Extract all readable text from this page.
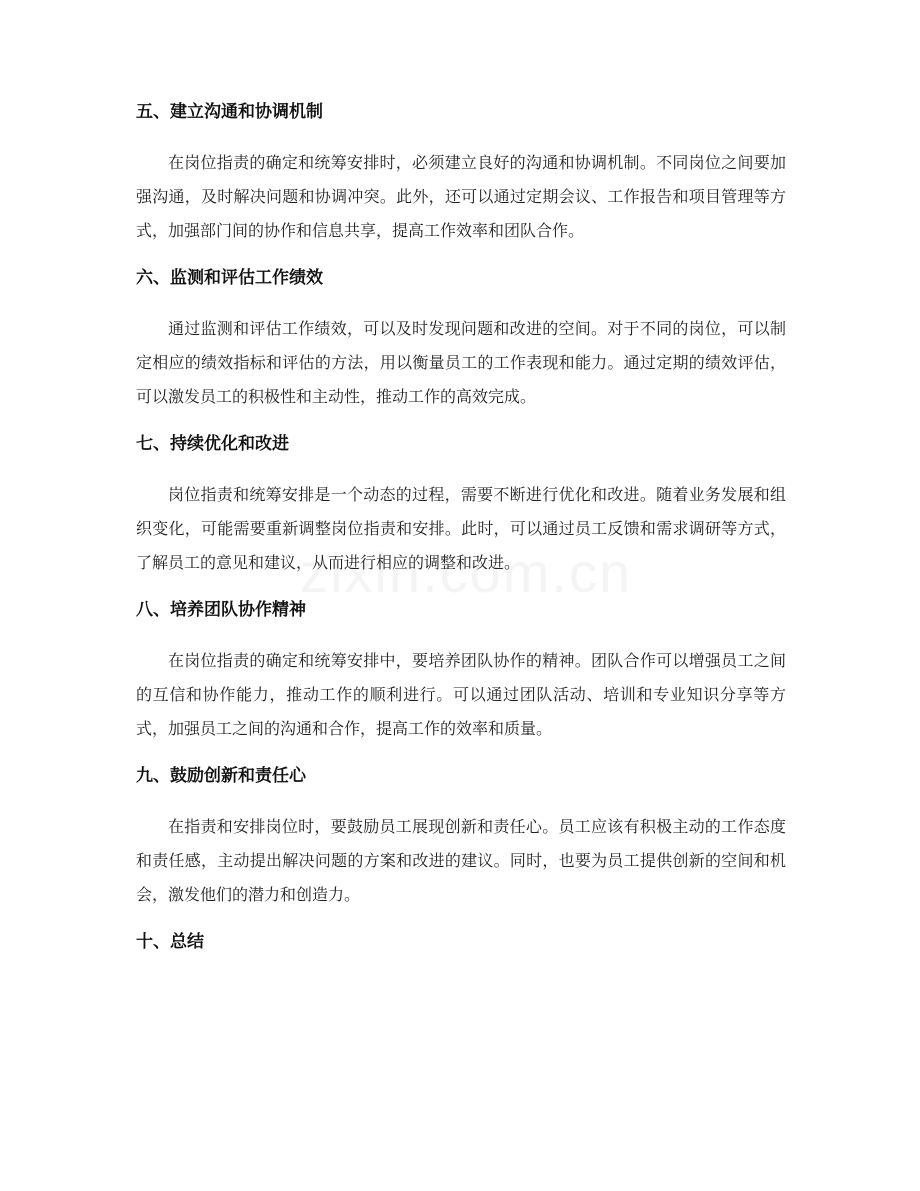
五、建立沟通和协调机制

在岗位指责的确定和统筹安排时，必须建立良好的沟通和协调机制。不同岗位之间要加强沟通，及时解决问题和协调冲突。此外，还可以通过定期会议、工作报告和项目管理等方式，加强部门间的协作和信息共享，提高工作效率和团队合作。

六、监测和评估工作绩效

通过监测和评估工作绩效，可以及时发现问题和改进的空间。对于不同的岗位，可以制定相应的绩效指标和评估的方法，用以衡量员工的工作表现和能力。通过定期的绩效评估，可以激发员工的积极性和主动性，推动工作的高效完成。

七、持续优化和改进

岗位指责和统筹安排是一个动态的过程，需要不断进行优化和改进。随着业务发展和组织变化，可能需要重新调整岗位指责和安排。此时，可以通过员工反馈和需求调研等方式，了解员工的意见和建议，从而进行相应的调整和改进。

八、培养团队协作精神

在岗位指责的确定和统筹安排中，要培养团队协作的精神。团队合作可以增强员工之间的互信和协作能力，推动工作的顺利进行。可以通过团队活动、培训和专业知识分享等方式，加强员工之间的沟通和合作，提高工作的效率和质量。

九、鼓励创新和责任心

在指责和安排岗位时，要鼓励员工展现创新和责任心。员工应该有积极主动的工作态度和责任感，主动提出解决问题的方案和改进的建议。同时，也要为员工提供创新的空间和机会，激发他们的潜力和创造力。

十、总结
